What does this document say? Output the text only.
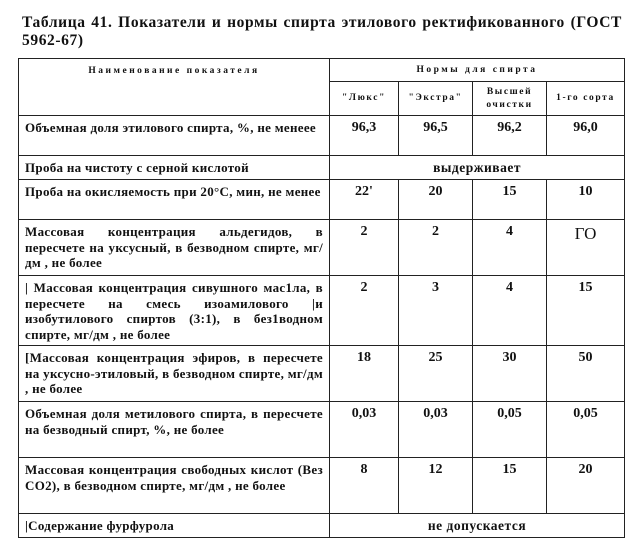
Таблица 41. Показатели и нормы спирта этилового ректификованного (ГОСТ 5962-67)
Наименование показателя	Нормы для спирта			
	"Люкс"	"Экстра"	Высшей очистки	1-го сорта
Объемная доля этилового спирта, %, не менеее	96,3	96,5	96,2	96,0
Проба на чистоту с серной кислотой	выдерживает			
Проба на окисляемость при 20°С, мин, не менее	22'	20	15	10
Массовая концентрация альдегидов, в пересчете на уксусный, в безводном спирте, мг/дм , не более	2	2	4	ГО
| Массовая концентрация сивушного мас1ла, в пересчете на смесь изоамилового |и изобутилового спиртов (3:1), в без1водном спирте, мг/дм , не более	2	3	4	15
[Массовая концентрация эфиров, в пересчете на уксусно-этиловый, в безводном спирте, мг/дм , не более	18	25	30	50
Объемная доля метилового спирта, в пересчете на безводный спирт, %, не более	0,03	0,03	0,05	0,05
Массовая концентрация свободных кислот (Вез СО2), в безводном спирте, мг/дм , не более	8	12	15	20
|Содержание фурфурола	не допускается			
